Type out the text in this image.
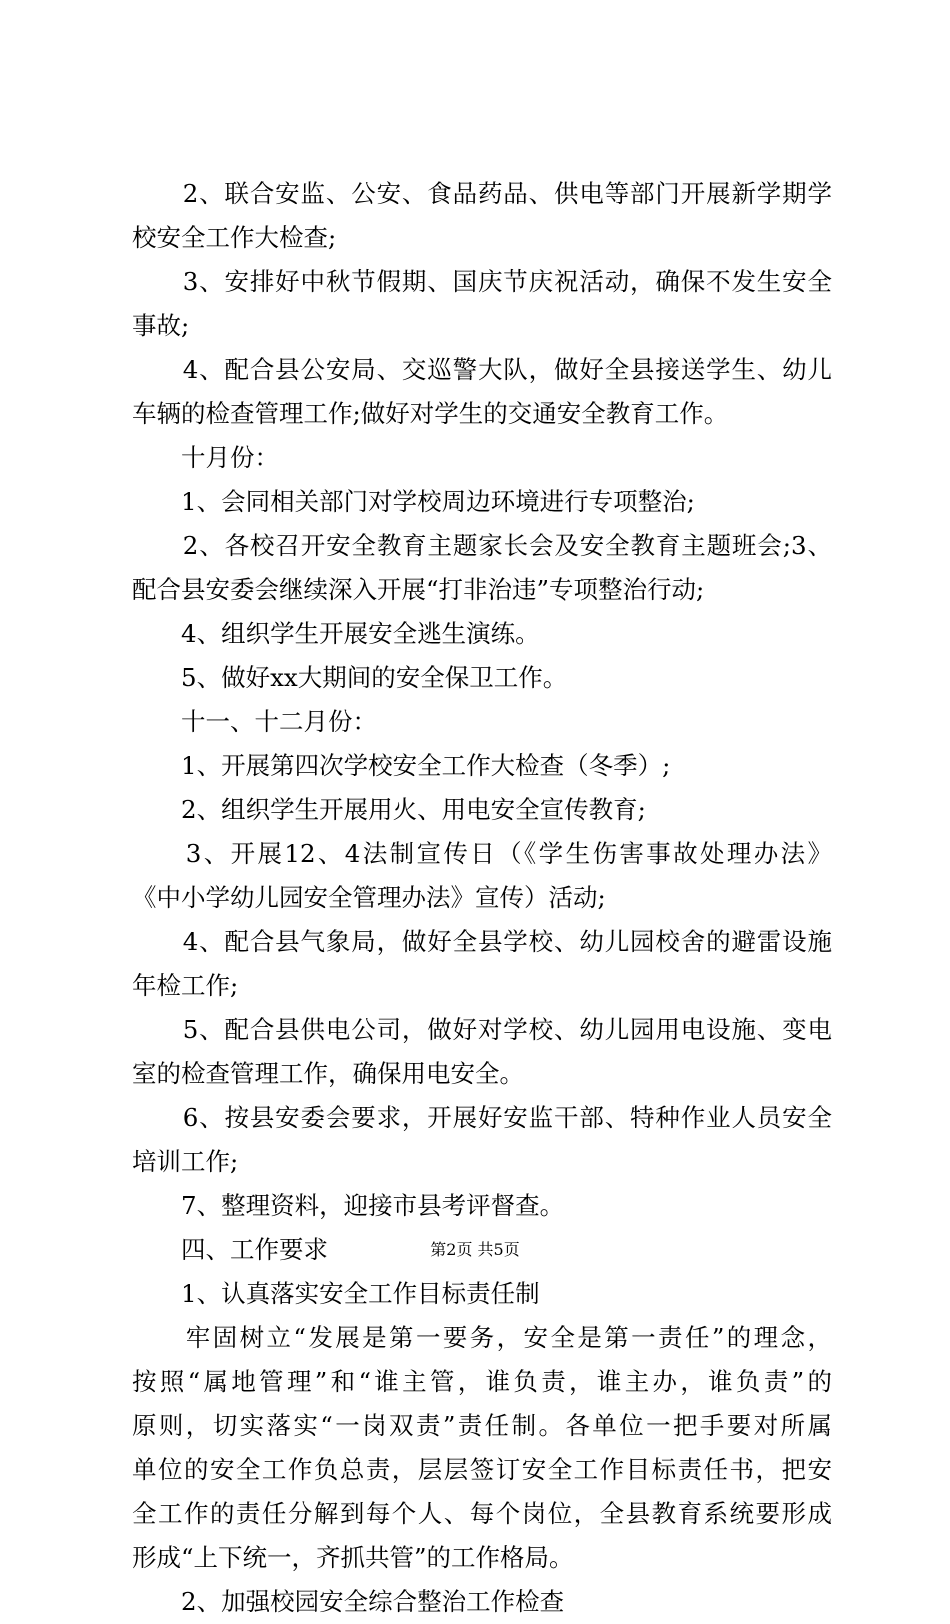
　　2、联合安监、公安、食品药品、供电等部门开展新学期学
校安全工作大检查;
　　3、安排好中秋节假期、国庆节庆祝活动，确保不发生安全
事故;
　　4、配合县公安局、交巡警大队，做好全县接送学生、幼儿
车辆的检查管理工作;做好对学生的交通安全教育工作。
　　十月份：
　　1、会同相关部门对学校周边环境进行专项整治;
　　2、各校召开安全教育主题家长会及安全教育主题班会;3、
配合县安委会继续深入开展“打非治违”专项整治行动;
　　4、组织学生开展安全逃生演练。
　　5、做好xx大期间的安全保卫工作。
　　十一、十二月份：
　　1、开展第四次学校安全工作大检查（冬季）;
　　2、组织学生开展用火、用电安全宣传教育;
　　3、开展12、4法制宣传日（《学生伤害事故处理办法》
《中小学幼儿园安全管理办法》宣传）活动;
　　4、配合县气象局，做好全县学校、幼儿园校舍的避雷设施
年检工作;
　　5、配合县供电公司，做好对学校、幼儿园用电设施、变电
室的检查管理工作，确保用电安全。
　　6、按县安委会要求，开展好安监干部、特种作业人员安全
培训工作;
　　7、整理资料，迎接市县考评督查。
　　四、工作要求
　　1、认真落实安全工作目标责任制
　　牢固树立“发展是第一要务，安全是第一责任”的理念，
按照“属地管理”和“谁主管，谁负责，谁主办，谁负责”的
原则，切实落实“一岗双责”责任制。各单位一把手要对所属
单位的安全工作负总责，层层签订安全工作目标责任书，把安
全工作的责任分解到每个人、每个岗位，全县教育系统要形成
形成“上下统一，齐抓共管”的工作格局。
　　2、加强校园安全综合整治工作检查
第2页 共5页
